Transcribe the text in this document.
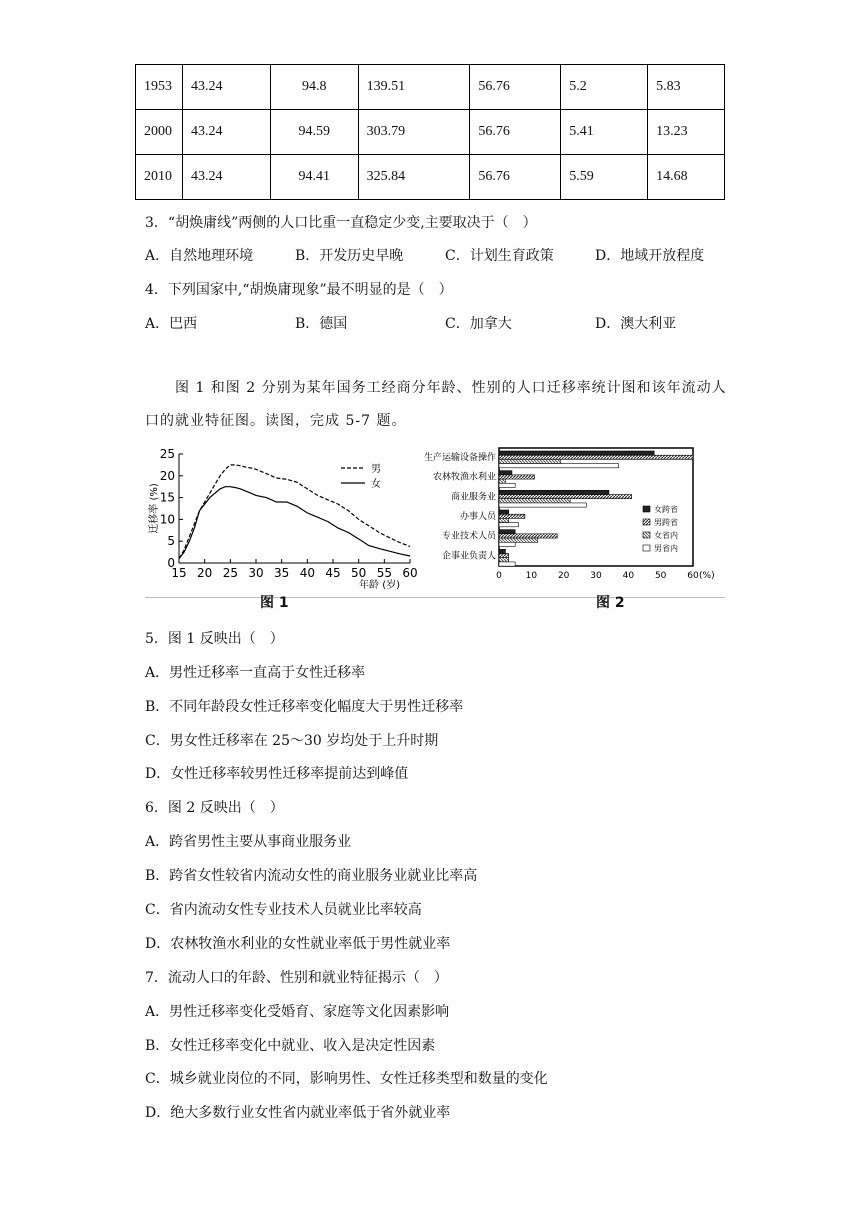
1953	43.24	94.8	139.51	56.76	5.2	5.83
2000	43.24	94.59	303.79	56.76	5.41	13.23
2010	43.24	94.41	325.84	56.76	5.59	14.68
3．“胡焕庸线”两侧的人口比重一直稳定少变,主要取决于（　）
A．自然地理环境	B．开发历史早晚	C．计划生育政策	D．地域开放程度
4．下列国家中,“胡焕庸现象”最不明显的是（　）
A．巴西	B．德国	C．加拿大	D．澳大利亚
图 1 和图 2 分别为某年国务工经商分年龄、性别的人口迁移率统计图和该年流动人口的就业特征图。读图，完成 5-7 题。
0
5
10
15
20
25
15 20 25 30 35 40 45 50 55 60
迁移率 (%)
年龄 (岁)
男
女
生产运输设备操作
农林牧渔水利业
商业服务业
办事人员
专业技术人员
企事业负责人
0	10 20 30 40 50 60 (%)
女跨省
男跨省
女省内
男省内
图 1	图 2
5．图 1 反映出（　）
A．男性迁移率一直高于女性迁移率
B．不同年龄段女性迁移率变化幅度大于男性迁移率
C．男女性迁移率在 25～30 岁均处于上升时期
D．女性迁移率较男性迁移率提前达到峰值
6．图 2 反映出（　）
A．跨省男性主要从事商业服务业
B．跨省女性较省内流动女性的商业服务业就业比率高
C．省内流动女性专业技术人员就业比率较高
D．农林牧渔水利业的女性就业率低于男性就业率
7．流动人口的年龄、性别和就业特征揭示（　）
A．男性迁移率变化受婚育、家庭等文化因素影响
B．女性迁移率变化中就业、收入是决定性因素
C．城乡就业岗位的不同，影响男性、女性迁移类型和数量的变化
D．绝大多数行业女性省内就业率低于省外就业率
